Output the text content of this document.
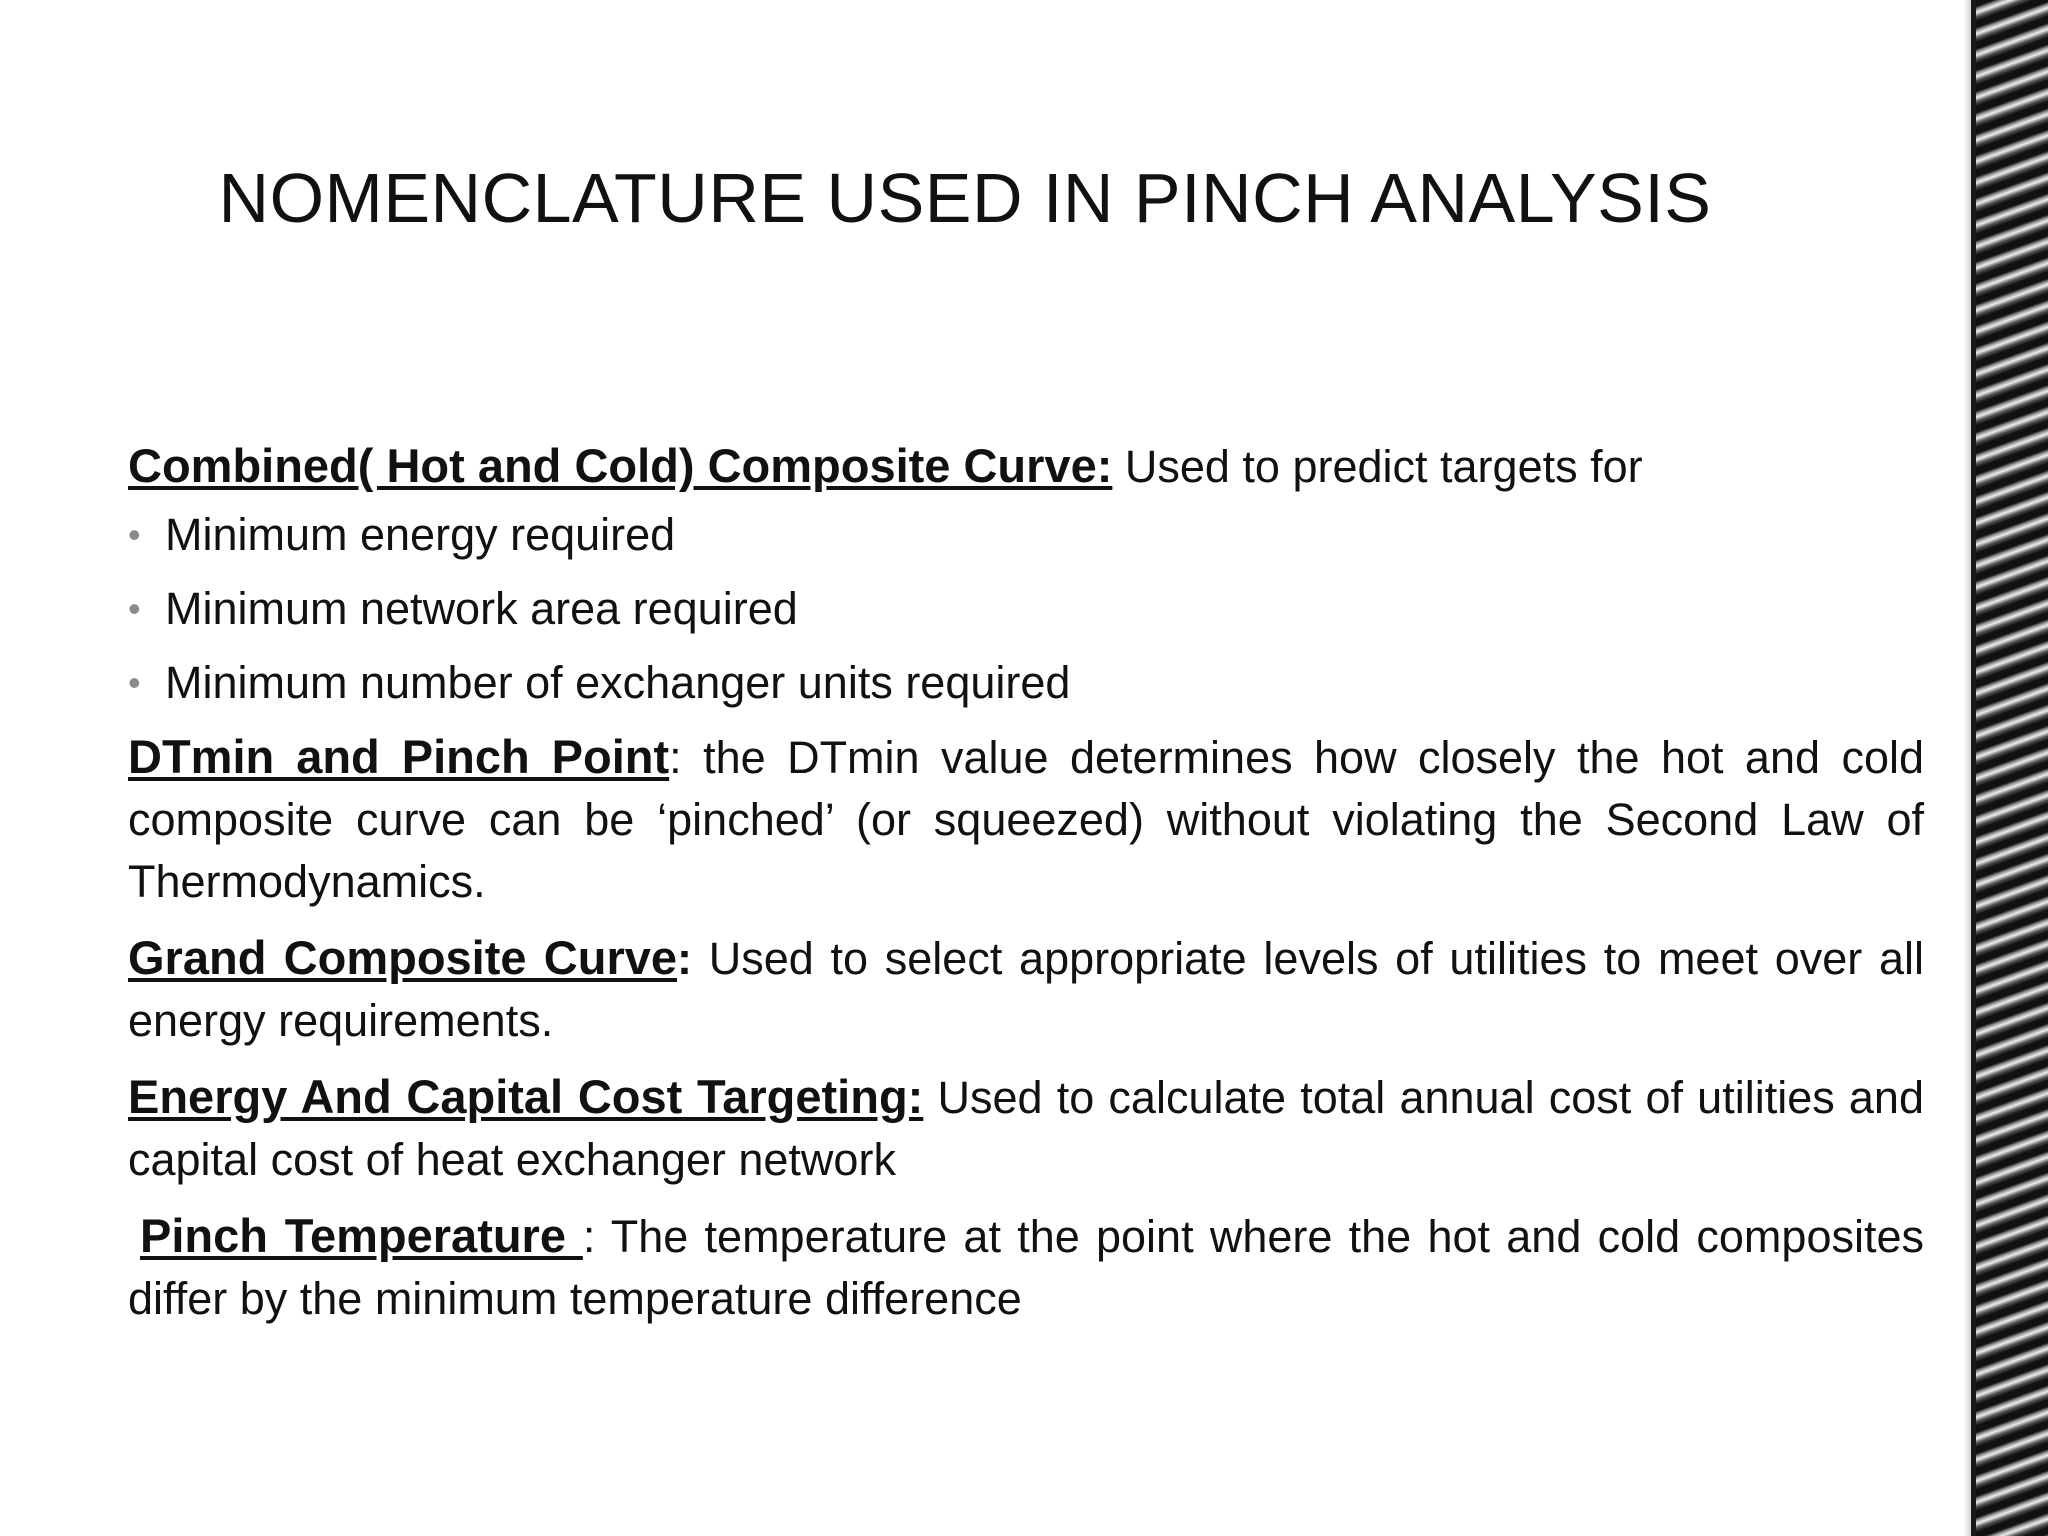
NOMENCLATURE USED IN PINCH ANALYSIS

Combined( Hot and Cold) Composite Curve: Used to predict targets for

• Minimum energy required
• Minimum network area required
• Minimum number of exchanger units required

DTmin and Pinch Point: the DTmin value determines how closely the hot and cold composite curve can be ‘pinched’ (or squeezed) without violating the Second Law of Thermodynamics.

Grand Composite Curve: Used to select appropriate levels of utilities to meet over all energy requirements.

Energy And Capital Cost Targeting: Used to calculate total annual cost of utilities and capital cost of heat exchanger network

Pinch Temperature : The temperature at the point where the hot and cold composites differ by the minimum temperature difference
